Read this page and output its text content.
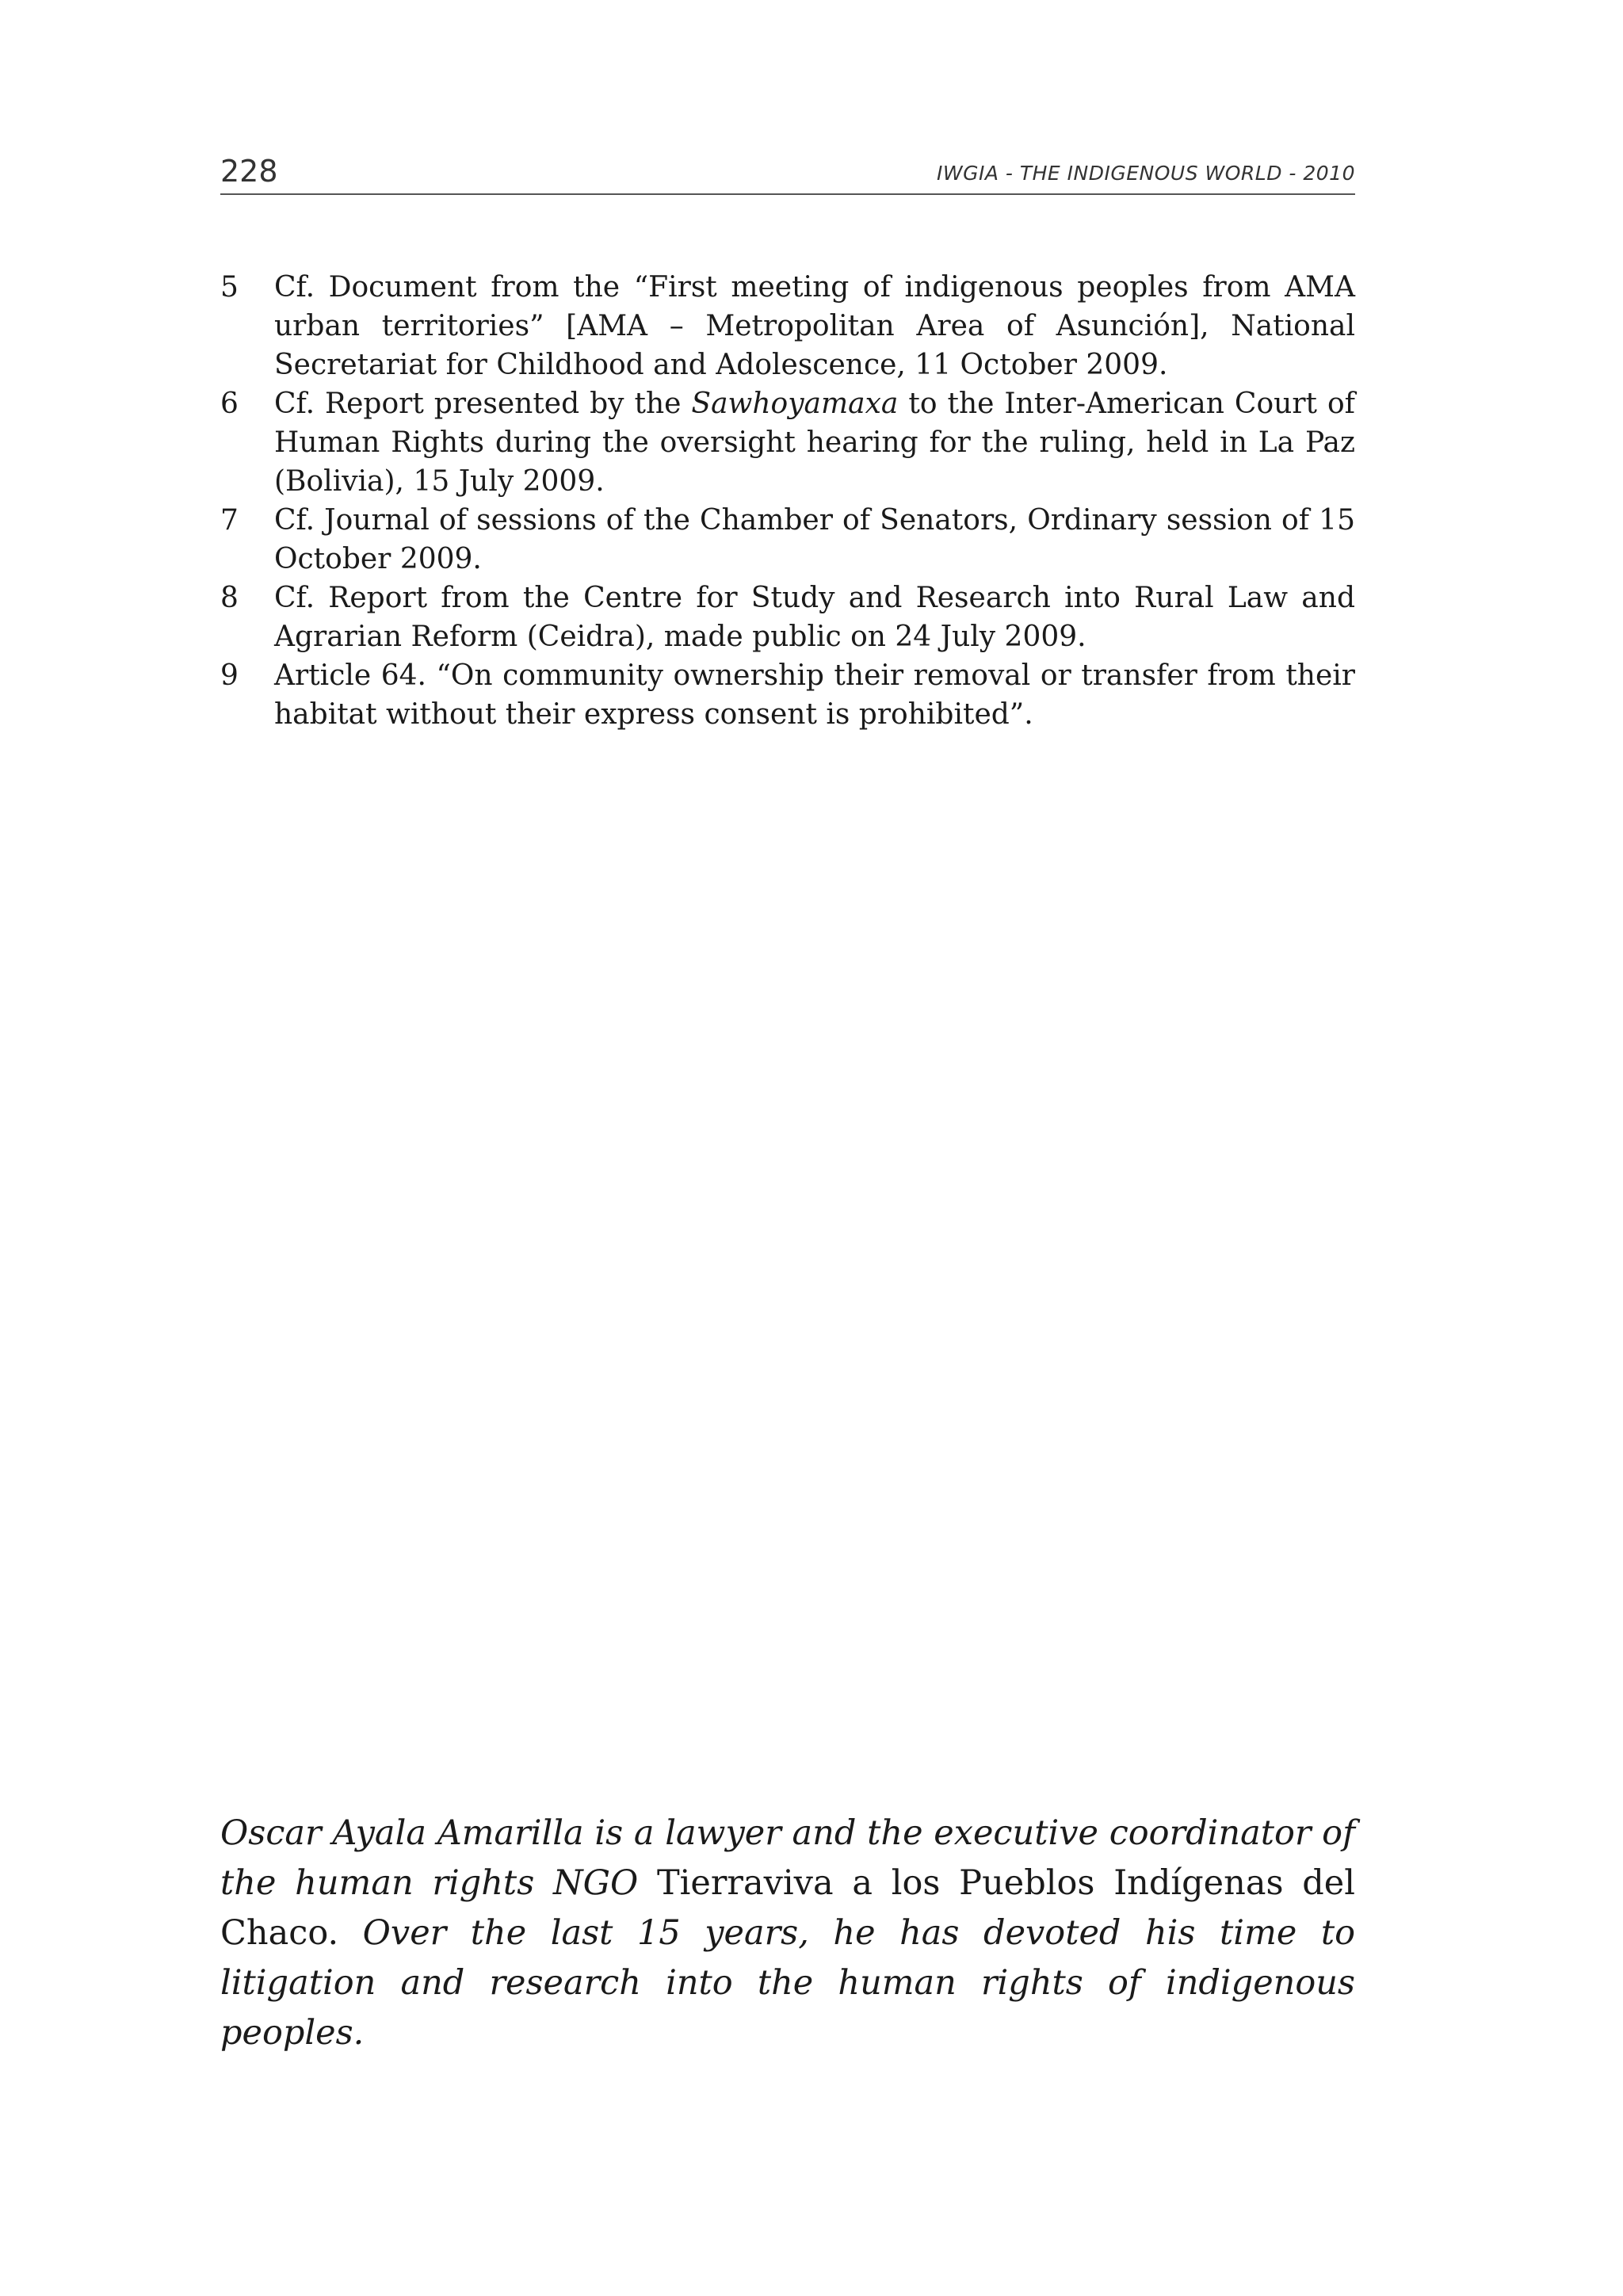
228	IWGIA - THE INDIGENOUS WORLD - 2010
5 Cf. Document from the “First meeting of indigenous peoples from AMA urban territories” [AMA – Metropolitan Area of Asunción], National Secretariat for Childhood and Adolescence, 11 October 2009.
6 Cf. Report presented by the Sawhoyamaxa to the Inter-American Court of Human Rights during the oversight hearing for the ruling, held in La Paz (Bolivia), 15 July 2009.
7 Cf. Journal of sessions of the Chamber of Senators, Ordinary session of 15 October 2009.
8 Cf. Report from the Centre for Study and Research into Rural Law and Agrarian Reform (Ceidra), made public on 24 July 2009.
9 Article 64. “On community ownership their removal or transfer from their habitat without their express consent is prohibited”.

Oscar Ayala Amarilla is a lawyer and the executive coordinator of the human rights NGO Tierraviva a los Pueblos Indígenas del Chaco. Over the last 15 years, he has devoted his time to litigation and research into the human rights of indigenous peoples.
